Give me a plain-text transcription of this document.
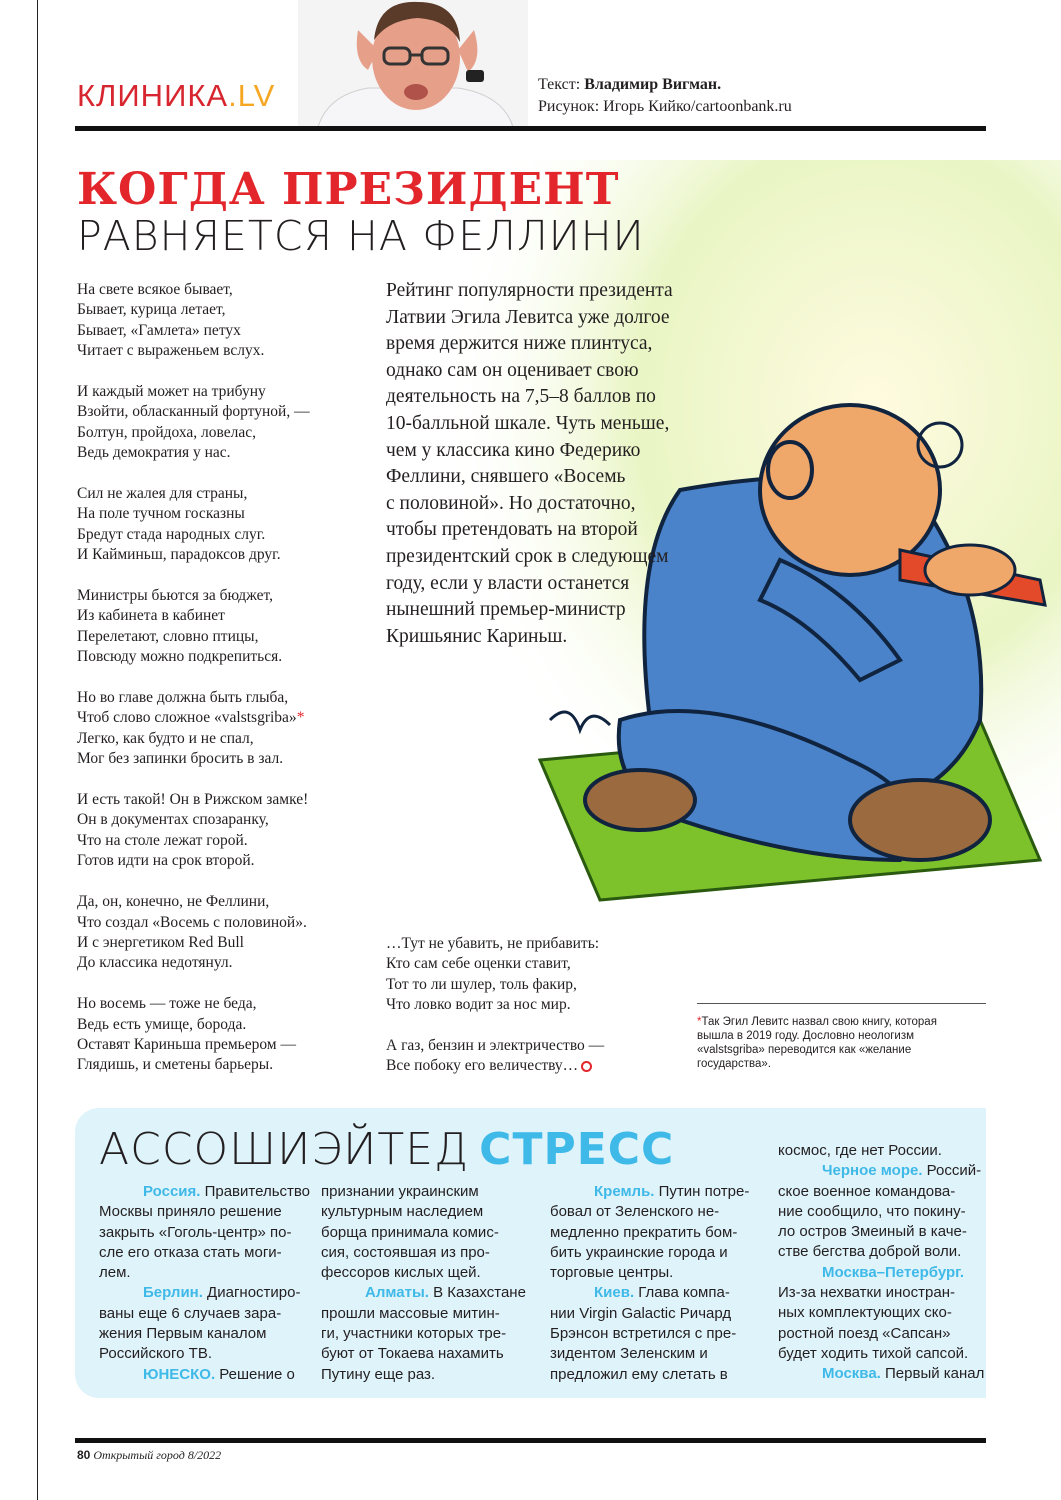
КЛИНИКА.LV	Текст: Владимир Вигман.
Рисунок: Игорь Кийко/cartoonbank.ru
КОГДА ПРЕЗИДЕНТ
РАВНЯЕТСЯ НА ФЕЛЛИНИ
На свете всякое бывает,
Бывает, курица летает,
Бывает, «Гамлета» петух
Читает с выраженьем вслух.
И каждый может на трибуну
Взойти, обласканный фортуной, —
Болтун, пройдоха, ловелас,
Ведь демократия у нас.
Сил не жалея для страны,
На поле тучном госказны
Бредут стада народных слуг.
И Кайминьш, парадоксов друг.
Министры бьются за бюджет,
Из кабинета в кабинет
Перелетают, словно птицы,
Повсюду можно подкрепиться.
Но во главе должна быть глыба,
Чтоб слово сложное «valstsgriba»*
Легко, как будто и не спал,
Мог без запинки бросить в зал.
И есть такой! Он в Рижском замке!
Он в документах спозаранку,
Что на столе лежат горой.
Готов идти на срок второй.
Да, он, конечно, не Феллини,
Что создал «Восемь с половиной».
И с энергетиком Red Bull
До классика недотянул.
Но восемь — тоже не беда,
Ведь есть умище, борода.
Оставят Кариньша премьером —
Глядишь, и сметены барьеры.
Рейтинг популярности президента
Латвии Эгила Левитса уже долгое
время держится ниже плинтуса,
однако сам он оценивает свою
деятельность на 7,5–8 баллов по
10-балльной шкале. Чуть меньше,
чем у классика кино Федерико
Феллини, снявшего «Восемь
с половиной». Но достаточно,
чтобы претендовать на второй
президентский срок в следующем
году, если у власти останется
нынешний премьер-министр
Кришьянис Кариньш.
…Тут не убавить, не прибавить:
Кто сам себе оценки ставит,
Тот то ли шулер, толь факир,
Что ловко водит за нос мир.
А газ, бензин и электричество —
Все побоку его величеству…
*Так Эгил Левитс назвал свою книгу, которая
вышла в 2019 году. Дословно неологизм
«valstsgriba» переводится как «желание
государства».
АССОШИЭЙТЕД СТРЕСС
Россия. Правительство
Москвы приняло решение
закрыть «Гоголь-центр» по-
сле его отказа стать моги-
лем.
Берлин. Диагностиро-
ваны еще 6 случаев зара-
жения Первым каналом
Российского ТВ.
ЮНЕСКО. Решение о
признании украинским
культурным наследием
борща принимала комис-
сия, состоявшая из про-
фессоров кислых щей.
Алматы. В Казахстане
прошли массовые митин-
ги, участники которых тре-
буют от Токаева нахамить
Путину еще раз.
Кремль. Путин потре-
бовал от Зеленского не-
медленно прекратить бом-
бить украинские города и
торговые центры.
Киев. Глава компа-
нии Virgin Galactic Ричард
Брэнсон встретился с пре-
зидентом Зеленским и
предложил ему слетать в
космос, где нет России.
Черное море. Россий-
ское военное командова-
ние сообщило, что покину-
ло остров Змеиный в каче-
стве бегства доброй воли.
Москва–Петербург.
Из-за нехватки иностран-
ных комплектующих ско-
ростной поезд «Сапсан»
будет ходить тихой сапсой.
Москва. Первый канал
80 Открытый город 8/2022
